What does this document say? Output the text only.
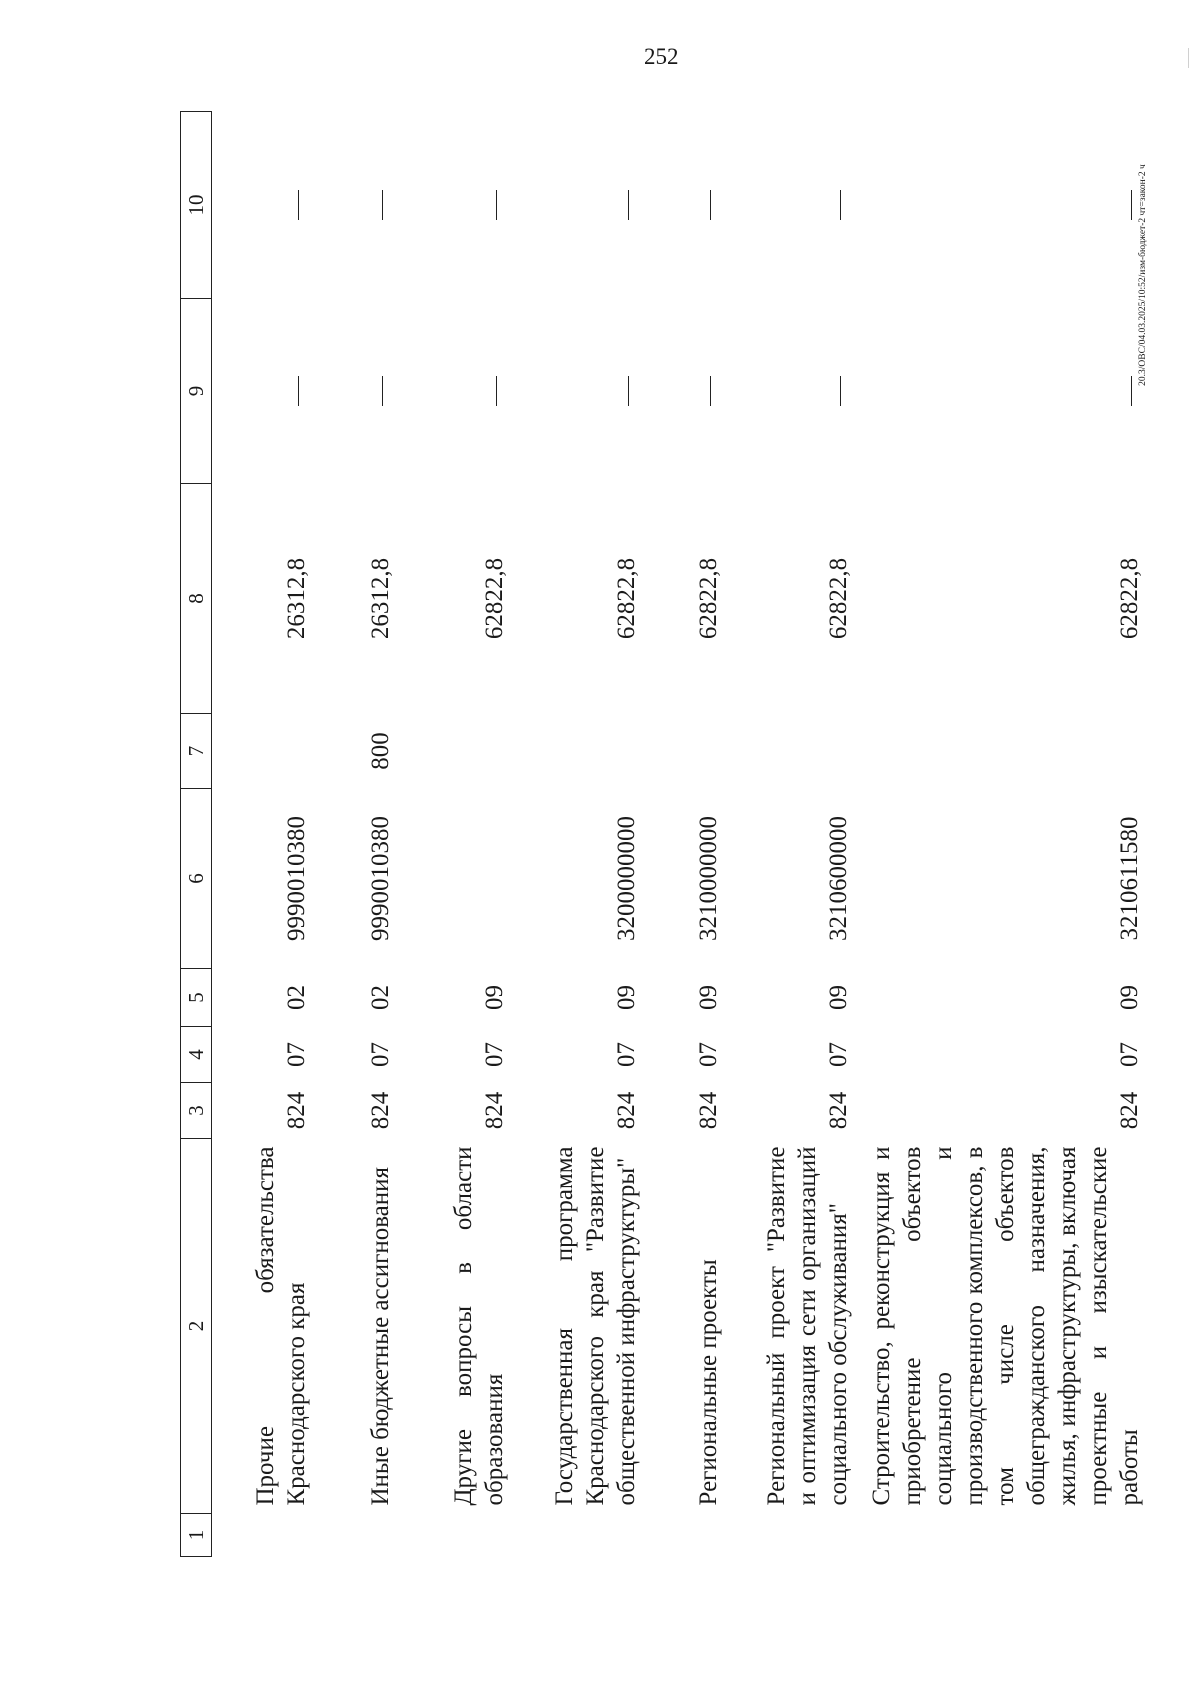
252
20.3/ОВС/04.03.2025/10:52/изм-бюджет-2 чт=закон-2 ч
1	2	3	4	5	6	7	8	9	10
	Прочие обязательства Краснодарского края	824	07	02	9990010380		26312,8	

	Иные бюджетные ассигнования	824	07	02	9990010380	800	26312,8	

	Другие вопросы в области образования	824	07	09			62822,8	

	Государственная программа Краснодарского края "Развитие общественной инфраструктуры"	824	07	09	3200000000		62822,8	

	Региональные проекты	824	07	09	3210000000		62822,8	

	Региональный проект "Развитие и оптимизация сети организаций социального обслуживания"	824	07	09	3210600000		62822,8	

	Строительство, реконструкция и приобретение объектов социального и производственного комплексов, в том числе объектов общегражданского назначения, жилья, инфраструктуры, включая проектные и изыскательские работы	824	07	09	3210611580		62822,8	
